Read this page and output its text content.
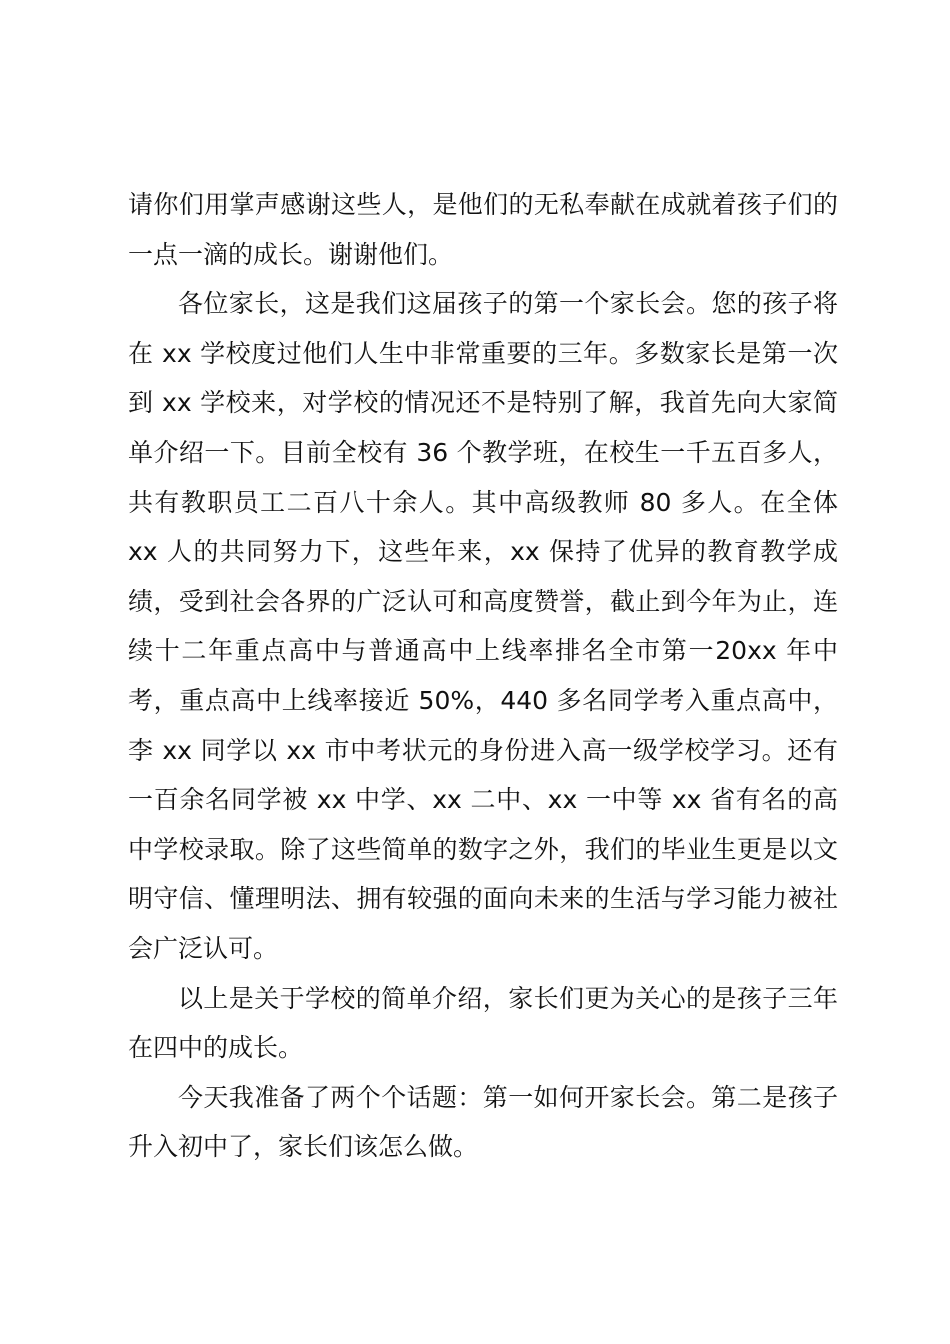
请你们用掌声感谢这些人，是他们的无私奉献在成就着孩子们的一点一滴的成长。谢谢他们。

各位家长，这是我们这届孩子的第一个家长会。您的孩子将在 xx 学校度过他们人生中非常重要的三年。多数家长是第一次到 xx 学校来，对学校的情况还不是特别了解，我首先向大家简单介绍一下。目前全校有 36 个教学班，在校生一千五百多人，共有教职员工二百八十余人。其中高级教师 80 多人。在全体 xx 人的共同努力下，这些年来，xx 保持了优异的教育教学成绩，受到社会各界的广泛认可和高度赞誉，截止到今年为止，连续十二年重点高中与普通高中上线率排名全市第一20xx 年中考，重点高中上线率接近 50%，440 多名同学考入重点高中，李 xx 同学以 xx 市中考状元的身份进入高一级学校学习。还有一百余名同学被 xx 中学、xx 二中、xx 一中等 xx 省有名的高中学校录取。除了这些简单的数字之外，我们的毕业生更是以文明守信、懂理明法、拥有较强的面向未来的生活与学习能力被社会广泛认可。

以上是关于学校的简单介绍，家长们更为关心的是孩子三年在四中的成长。

今天我准备了两个个话题：第一如何开家长会。第二是孩子升入初中了，家长们该怎么做。
